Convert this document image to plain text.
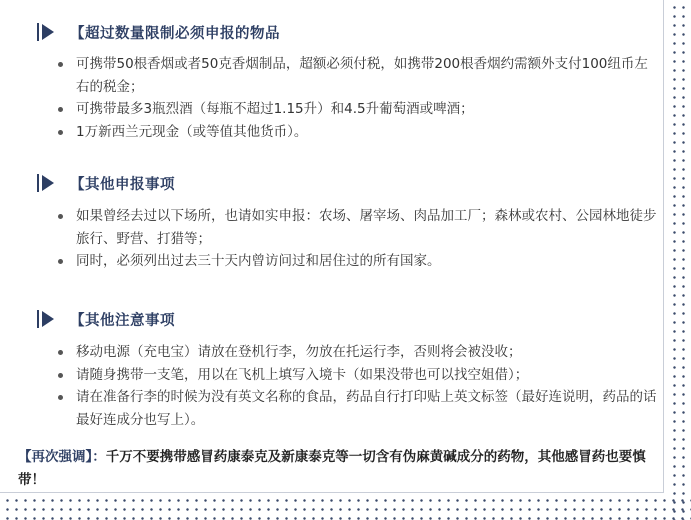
【超过数量限制必须申报的物品
可携带50根香烟或者50克香烟制品，超额必须付税，如携带200根香烟约需额外支付100纽币左右的税金；
可携带最多3瓶烈酒（每瓶不超过1.15升）和4.5升葡萄酒或啤酒；
1万新西兰元现金（或等值其他货币）。
【其他申报事项
如果曾经去过以下场所，也请如实申报：农场、屠宰场、肉品加工厂；森林或农村、公园林地徒步旅行、野营、打猎等；
同时，必须列出过去三十天内曾访问过和居住过的所有国家。
【其他注意事项
移动电源（充电宝）请放在登机行李，勿放在托运行李，否则将会被没收；
请随身携带一支笔，用以在飞机上填写入境卡（如果没带也可以找空姐借）；
请在准备行李的时候为没有英文名称的食品，药品自行打印贴上英文标签（最好连说明，药品的话最好连成分也写上）。
【再次强调】：千万不要携带感冒药康泰克及新康泰克等一切含有伪麻黄碱成分的药物，其他感冒药也要慎带！
